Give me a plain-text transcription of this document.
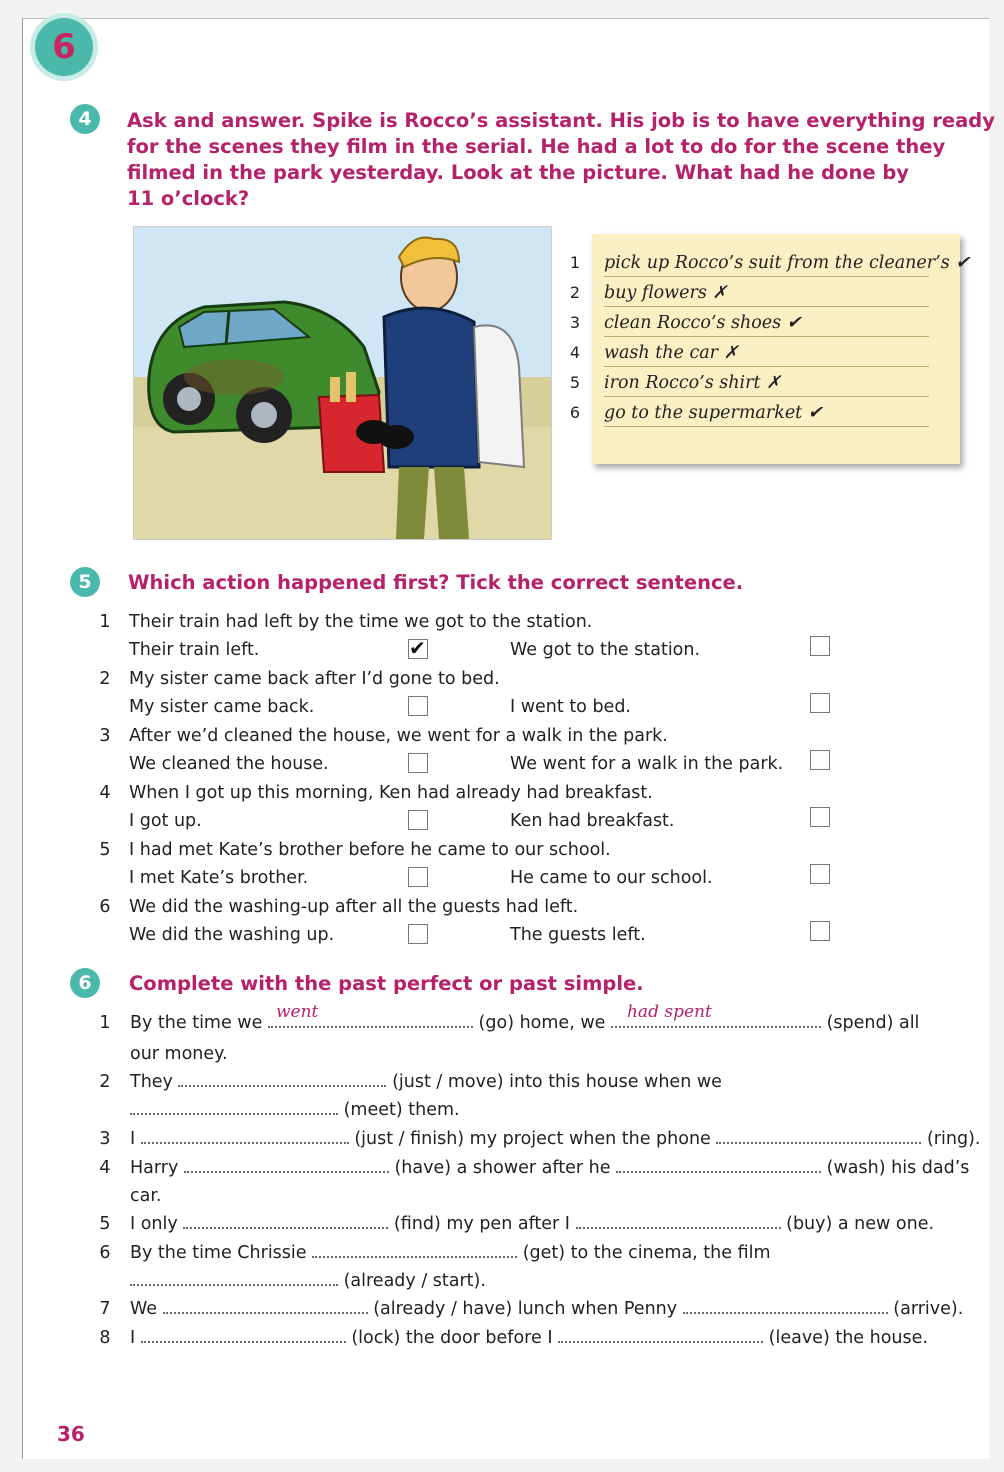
6
4	Ask and answer. Spike is Rocco’s assistant. His job is to have everything ready
for the scenes they film in the serial. He had a lot to do for the scene they
filmed in the park yesterday. Look at the picture. What had he done by
11 o’clock?
1 pick up Rocco’s suit from the cleaner’s ✔
2 buy flowers ✗
3 clean Rocco’s shoes ✔
4 wash the car ✗
5 iron Rocco’s shirt ✗
6 go to the supermarket ✔
5	Which action happened first? Tick the correct sentence.
1 Their train had left by the time we got to the station.
Their train left.	✔	We got to the station.
2 My sister came back after I’d gone to bed.
My sister came back.	I went to bed.
3 After we’d cleaned the house, we went for a walk in the park.
We cleaned the house.	We went for a walk in the park.
4 When I got up this morning, Ken had already had breakfast.
I got up.	Ken had breakfast.
5 I had met Kate’s brother before he came to our school.
I met Kate’s brother.	He came to our school.
6 We did the washing-up after all the guests had left.
We did the washing up.	The guests left.
6	Complete with the past perfect or past simple.
1 By the time we
went
(go) home, we
had spent
(spend) all
our money.
2 They	(just / move) into this house when we
(meet) them.
3 I	(just / finish) my project when the phone	(ring).
4 Harry	(have) a shower after he	(wash) his dad’s
car.
5 I only	(find) my pen after I	(buy) a new one.
6 By the time Chrissie	(get) to the cinema, the film
(already / start).
7 We	(already / have) lunch when Penny	(arrive).
8 I	(lock) the door before I	(leave) the house.
36
